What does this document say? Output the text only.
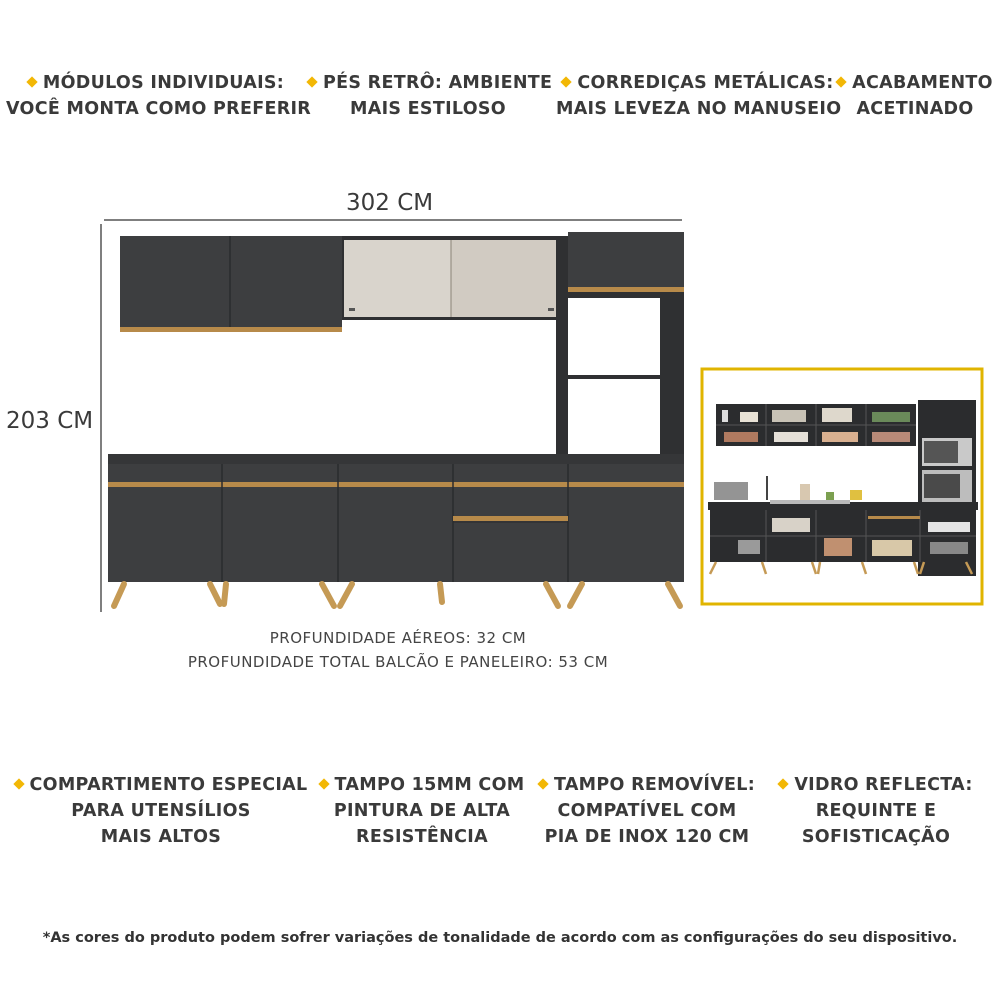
MÓDULOS INDIVIDUAIS:
VOCÊ MONTA COMO PREFERIR
PÉS RETRÔ: AMBIENTE
MAIS ESTILOSO
CORREDIÇAS METÁLICAS:
MAIS LEVEZA NO MANUSEIO
ACABAMENTO
ACETINADO
302 CM
203 CM
PROFUNDIDADE AÉREOS: 32 CM
PROFUNDIDADE TOTAL BALCÃO E PANELEIRO: 53 CM
COMPARTIMENTO ESPECIAL
PARA UTENSÍLIOS
MAIS ALTOS
TAMPO 15MM COM
PINTURA DE ALTA
RESISTÊNCIA
TAMPO REMOVÍVEL:
COMPATÍVEL COM
PIA DE INOX 120 CM
VIDRO REFLECTA:
REQUINTE E
SOFISTICAÇÃO
*As cores do produto podem sofrer variações de tonalidade de acordo com as configurações do seu dispositivo.
